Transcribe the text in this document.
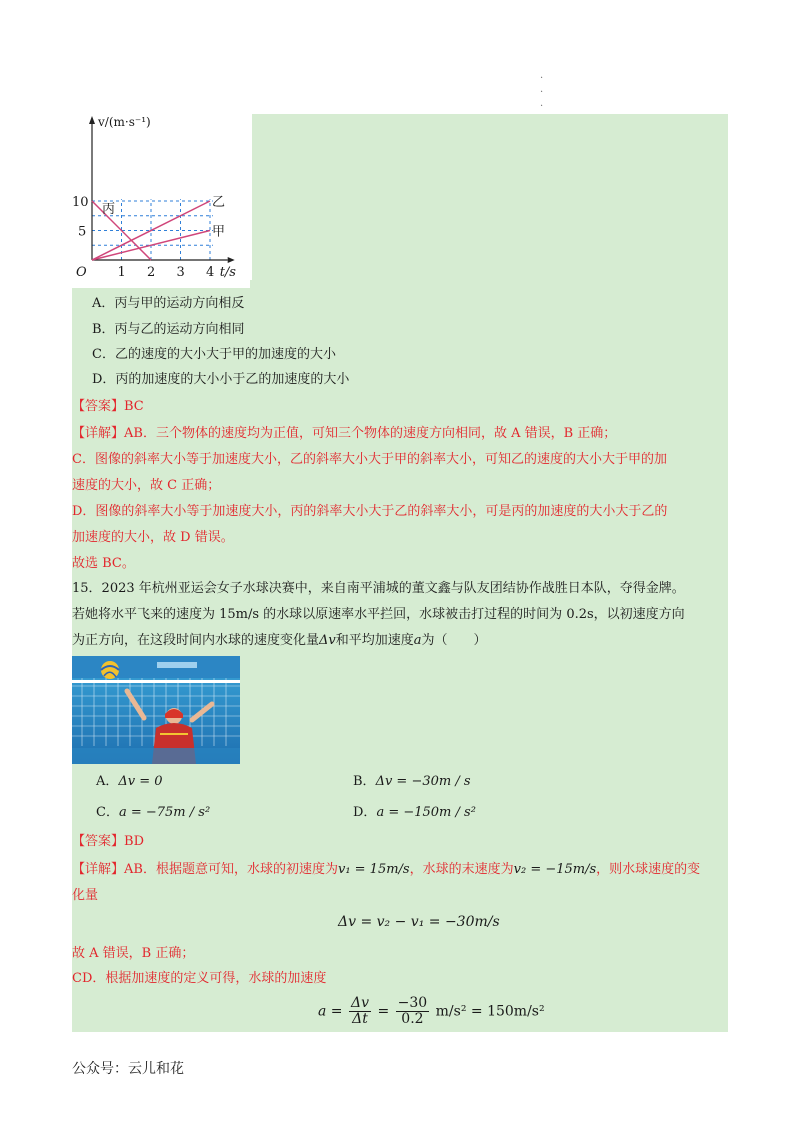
·
·
·
1 2 3 4
5
10
O	t/s
v/(m·s⁻¹)
甲
乙
丙
A．丙与甲的运动方向相反
B．丙与乙的运动方向相同
C．乙的速度的大小大于甲的加速度的大小
D．丙的加速度的大小小于乙的加速度的大小
【答案】BC
【详解】AB．三个物体的速度均为正值，可知三个物体的速度方向相同，故 A 错误，B 正确；
C．图像的斜率大小等于加速度大小，乙的斜率大小大于甲的斜率大小，可知乙的速度的大小大于甲的加
速度的大小，故 C 正确；
D．图像的斜率大小等于加速度大小，丙的斜率大小大于乙的斜率大小，可是丙的加速度的大小大于乙的
加速度的大小，故 D 错误。
故选 BC。
15．2023 年杭州亚运会女子水球决赛中，来自南平浦城的董文鑫与队友团结协作战胜日本队，夺得金牌。
若她将水平飞来的速度为 15m/s 的水球以原速率水平拦回，水球被击打过程的时间为 0.2s，以初速度方向
为正方向，在这段时间内水球的速度变化量Δv和平均加速度a为（　　）
A．Δv = 0	B．Δv = −30m / s
C．a = −75m / s²	D．a = −150m / s²
【答案】BD
【详解】AB．根据题意可知，水球的初速度为v₁ = 15m/s，水球的末速度为v₂ = −15m/s，则水球速度的变
化量
Δv = v₂ − v₁ = −30m/s
故 A 错误，B 正确；
CD．根据加速度的定义可得，水球的加速度
$a = \frac{\Delta v}{\Delta t} = \frac{-30}{0.2} m/s^2 = 150m/s^2$
公众号：云儿和花
